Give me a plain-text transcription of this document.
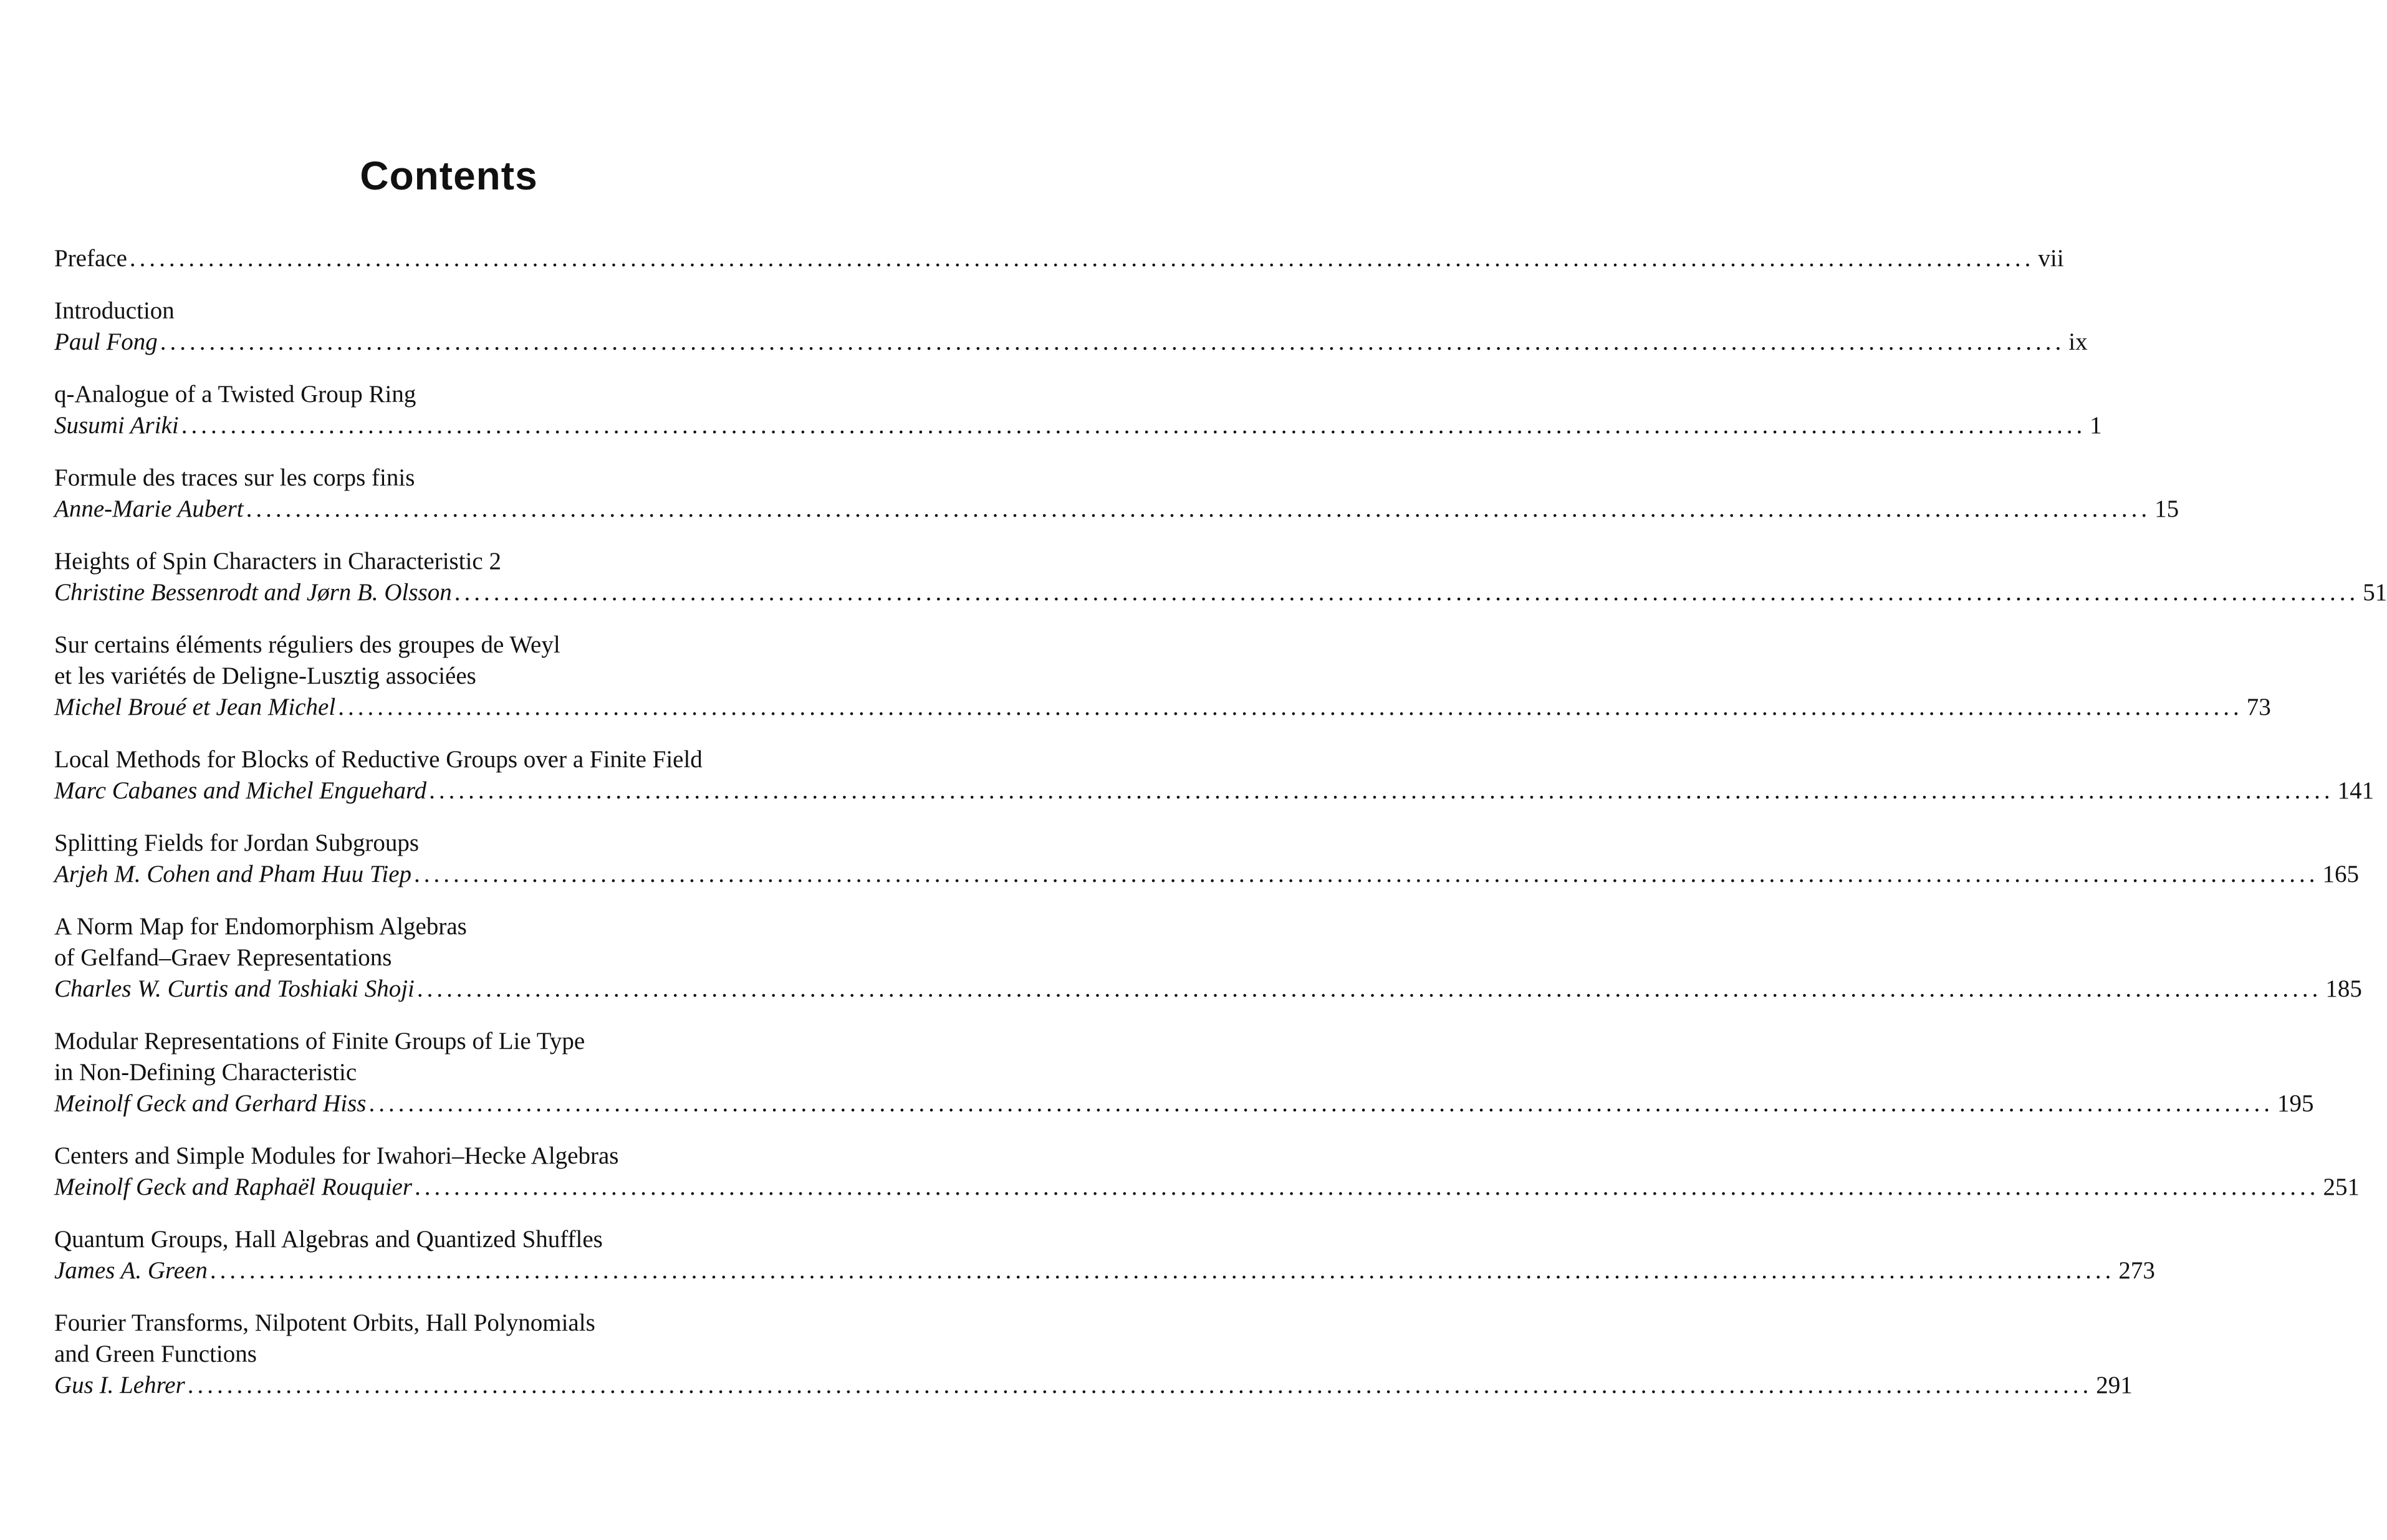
Contents
Preface .................................................................................................................................................................................................. vii
Introduction
Paul Fong .................................................................................................................................................................................................. ix
q-Analogue of a Twisted Group Ring
Susumi Ariki .................................................................................................................................................................................................. 1
Formule des traces sur les corps finis
Anne-Marie Aubert .................................................................................................................................................................................................. 15
Heights of Spin Characters in Characteristic 2
Christine Bessenrodt and Jørn B. Olsson .................................................................................................................................................................................................. 51
Sur certains éléments réguliers des groupes de Weyl
et les variétés de Deligne-Lusztig associées
Michel Broué et Jean Michel .................................................................................................................................................................................................. 73
Local Methods for Blocks of Reductive Groups over a Finite Field
Marc Cabanes and Michel Enguehard .................................................................................................................................................................................................. 141
Splitting Fields for Jordan Subgroups
Arjeh M. Cohen and Pham Huu Tiep .................................................................................................................................................................................................. 165
A Norm Map for Endomorphism Algebras
of Gelfand–Graev Representations
Charles W. Curtis and Toshiaki Shoji .................................................................................................................................................................................................. 185
Modular Representations of Finite Groups of Lie Type
in Non-Defining Characteristic
Meinolf Geck and Gerhard Hiss .................................................................................................................................................................................................. 195
Centers and Simple Modules for Iwahori–Hecke Algebras
Meinolf Geck and Raphaël Rouquier .................................................................................................................................................................................................. 251
Quantum Groups, Hall Algebras and Quantized Shuffles
James A. Green .................................................................................................................................................................................................. 273
Fourier Transforms, Nilpotent Orbits, Hall Polynomials
and Green Functions
Gus I. Lehrer .................................................................................................................................................................................................. 291
